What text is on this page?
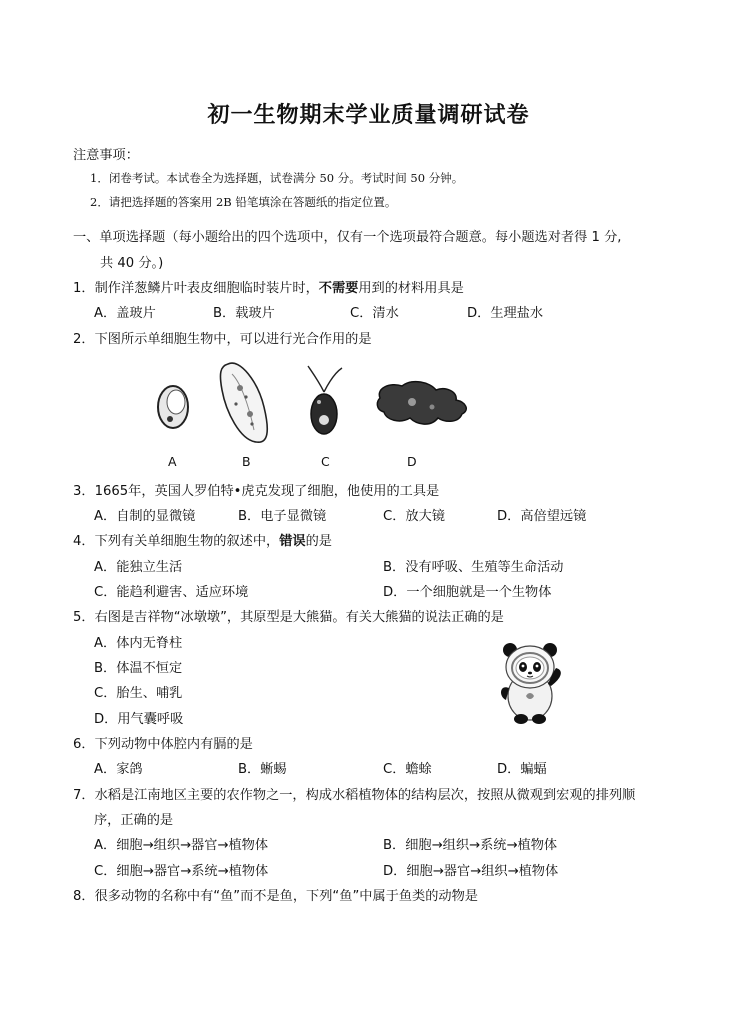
初一生物期末学业质量调研试卷
注意事项：
1．闭卷考试。本试卷全为选择题，试卷满分 50 分。考试时间 50 分钟。
2．请把选择题的答案用 2B 铅笔填涂在答题纸的指定位置。
一、单项选择题（每小题给出的四个选项中，仅有一个选项最符合题意。每小题选对者得 1 分,
共 40 分。)
1．制作洋葱鳞片叶表皮细胞临时装片时，不需要用到的材料用具是
A．盖玻片	B．载玻片	C．清水	D．生理盐水
2．下图所示单细胞生物中，可以进行光合作用的是
A	B	C	D
3．1665年，英国人罗伯特•虎克发现了细胞，他使用的工具是
A．自制的显微镜	B．电子显微镜	C．放大镜	D．高倍望远镜
4．下列有关单细胞生物的叙述中，错误的是
A．能独立生活	B．没有呼吸、生殖等生命活动
C．能趋利避害、适应环境	D．一个细胞就是一个生物体
5．右图是吉祥物“冰墩墩”，其原型是大熊猫。有关大熊猫的说法正确的是
A．体内无脊柱
B．体温不恒定
C．胎生、哺乳
D．用气囊呼吸
6．下列动物中体腔内有膈的是
A．家鸽	B．蜥蜴	C．蟾蜍	D．蝙蝠
7．水稻是江南地区主要的农作物之一，构成水稻植物体的结构层次，按照从微观到宏观的排列顺
序，正确的是
A．细胞→组织→器官→植物体	B．细胞→组织→系统→植物体
C．细胞→器官→系统→植物体	D．细胞→器官→组织→植物体
8．很多动物的名称中有“鱼”而不是鱼，下列“鱼”中属于鱼类的动物是
